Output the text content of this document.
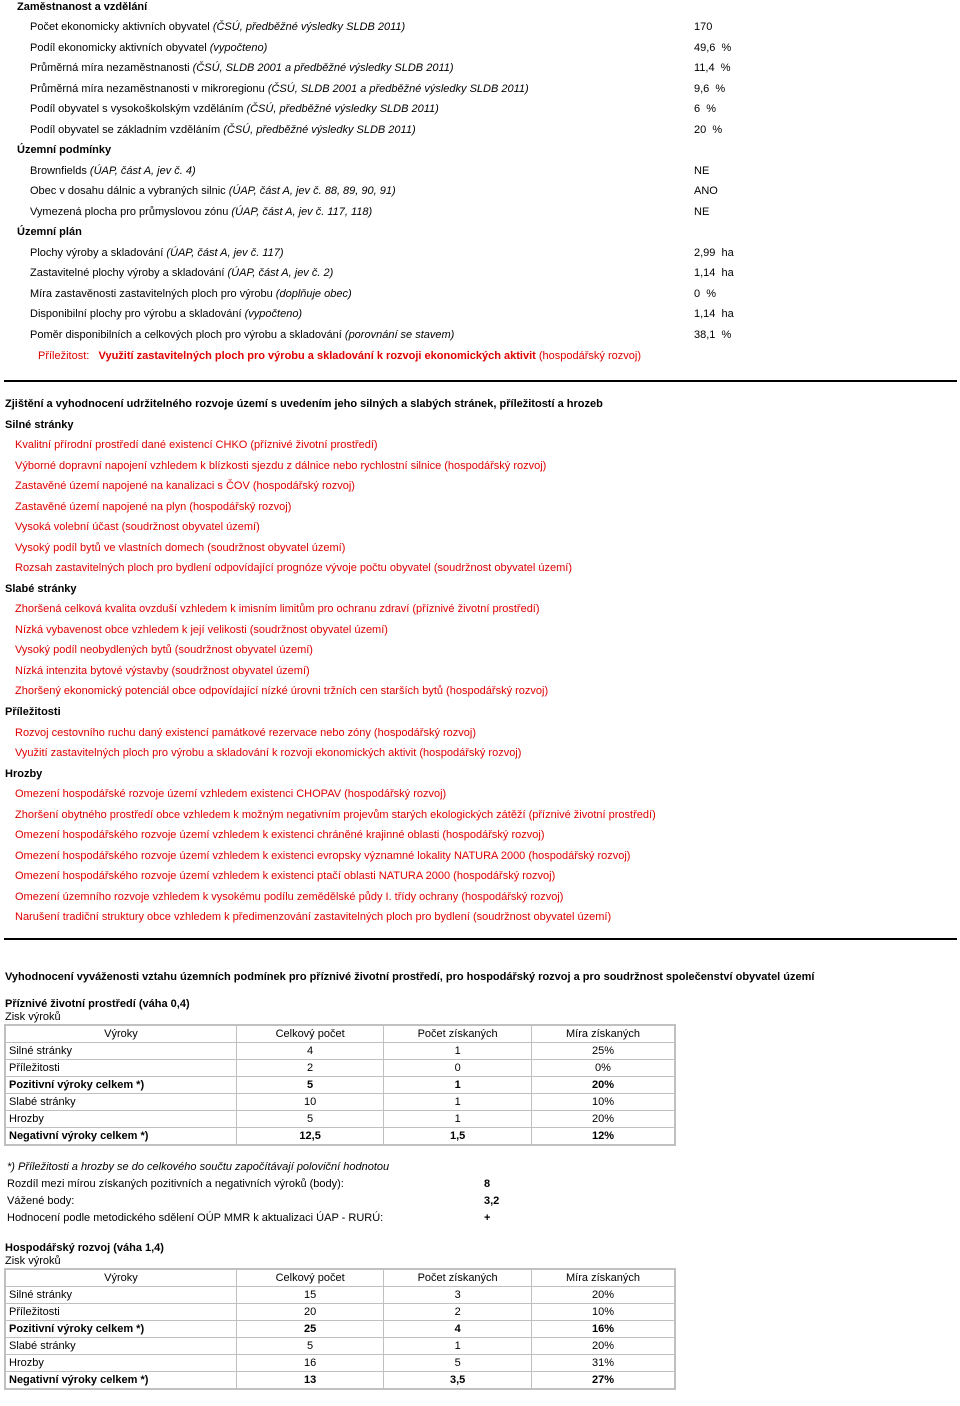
Zaměstnanost a vzdělání
Počet ekonomicky aktivních obyvatel (ČSÚ, předběžné výsledky SLDB 2011)	170
Podíl ekonomicky aktivních obyvatel (vypočteno)	49,6  %
Průměrná míra nezaměstnanosti (ČSÚ, SLDB 2001 a předběžné výsledky SLDB 2011)	11,4  %
Průměrná míra nezaměstnanosti v mikroregionu (ČSÚ, SLDB 2001 a předběžné výsledky SLDB 2011)	9,6  %
Podíl obyvatel s vysokoškolským vzděláním (ČSÚ, předběžné výsledky SLDB 2011)	6  %
Podíl obyvatel se základním vzděláním (ČSÚ, předběžné výsledky SLDB 2011)	20  %
Územní podmínky
Brownfields (ÚAP, část A, jev č. 4)	NE
Obec v dosahu dálnic a vybraných silnic (ÚAP, část A, jev č. 88, 89, 90, 91)	ANO
Vymezená plocha pro průmyslovou zónu (ÚAP, část A, jev č. 117, 118)	NE
Územní plán
Plochy výroby a skladování (ÚAP, část A, jev č. 117)	2,99  ha
Zastavitelné plochy výroby a skladování (ÚAP, část A, jev č. 2)	1,14  ha
Míra zastavěnosti zastavitelných ploch pro výrobu (doplňuje obec)	0  %
Disponibilní plochy pro výrobu a skladování (vypočteno)	1,14  ha
Poměr disponibilních a celkových ploch pro výrobu a skladování (porovnání se stavem)	38,1  %
Příležitost: Využití zastavitelných ploch pro výrobu a skladování k rozvoji ekonomických aktivit (hospodářský rozvoj)
Zjištění a vyhodnocení udržitelného rozvoje území s uvedením jeho silných a slabých stránek, příležitostí a hrozeb
Silné stránky
Kvalitní přírodní prostředí dané existencí CHKO (příznivé životní prostředí)
Výborné dopravní napojení vzhledem k blízkosti sjezdu z dálnice nebo rychlostní silnice (hospodářský rozvoj)
Zastavěné území napojené na kanalizaci s ČOV (hospodářský rozvoj)
Zastavěné území napojené na plyn (hospodářský rozvoj)
Vysoká volební účast (soudržnost obyvatel území)
Vysoký podíl bytů ve vlastních domech (soudržnost obyvatel území)
Rozsah zastavitelných ploch pro bydlení odpovídající prognóze vývoje počtu obyvatel (soudržnost obyvatel území)
Slabé stránky
Zhoršená celková kvalita ovzduší vzhledem k imisním limitům pro ochranu zdraví (příznivé životní prostředí)
Nízká vybavenost obce vzhledem k její velikosti (soudržnost obyvatel území)
Vysoký podíl neobydlených bytů (soudržnost obyvatel území)
Nízká intenzita bytové výstavby (soudržnost obyvatel území)
Zhoršený ekonomický potenciál obce odpovídající nízké úrovni tržních cen starších bytů (hospodářský rozvoj)
Příležitosti
Rozvoj cestovního ruchu daný existencí památkové rezervace nebo zóny (hospodářský rozvoj)
Využití zastavitelných ploch pro výrobu a skladování k rozvoji ekonomických aktivit (hospodářský rozvoj)
Hrozby
Omezení hospodářské rozvoje území vzhledem existenci CHOPAV (hospodářský rozvoj)
Zhoršení obytného prostředí obce vzhledem k možným negativním projevům starých ekologických zátěží (příznivé životní prostředí)
Omezení hospodářského rozvoje území vzhledem k existenci chráněné krajinné oblasti (hospodářský rozvoj)
Omezení hospodářského rozvoje území vzhledem k existenci evropsky významné lokality NATURA 2000 (hospodářský rozvoj)
Omezení hospodářského rozvoje území vzhledem k existenci ptačí oblasti NATURA 2000 (hospodářský rozvoj)
Omezení územního rozvoje vzhledem k vysokému podílu zemědělské půdy I. třídy ochrany (hospodářský rozvoj)
Narušení tradiční struktury obce vzhledem k předimenzování zastavitelných ploch pro bydlení (soudržnost obyvatel území)
Vyhodnocení vyváženosti vztahu územních podmínek pro příznivé životní prostředí, pro hospodářský rozvoj a pro soudržnost společenství obyvatel území
Příznivé životní prostředí (váha 0,4)
Zisk výroků
Výroky	Celkový počet	Počet získaných	Míra získaných
Silné stránky	4	1	25%
Příležitosti	2	0	0%
Pozitivní výroky celkem *)	5	1	20%
Slabé stránky	10	1	10%
Hrozby	5	1	20%
Negativní výroky celkem *)	12,5	1,5	12%
*) Příležitosti a hrozby se do celkového součtu započítávají poloviční hodnotou
Rozdíl mezi mírou získaných pozitivních a negativních výroků (body):	8
Vážené body:	3,2
Hodnocení podle metodického sdělení OÚP MMR k aktualizaci ÚAP - RURÚ:	+
Hospodářský rozvoj (váha 1,4)
Zisk výroků
Výroky	Celkový počet	Počet získaných	Míra získaných
Silné stránky	15	3	20%
Příležitosti	20	2	10%
Pozitivní výroky celkem *)	25	4	16%
Slabé stránky	5	1	20%
Hrozby	16	5	31%
Negativní výroky celkem *)	13	3,5	27%
